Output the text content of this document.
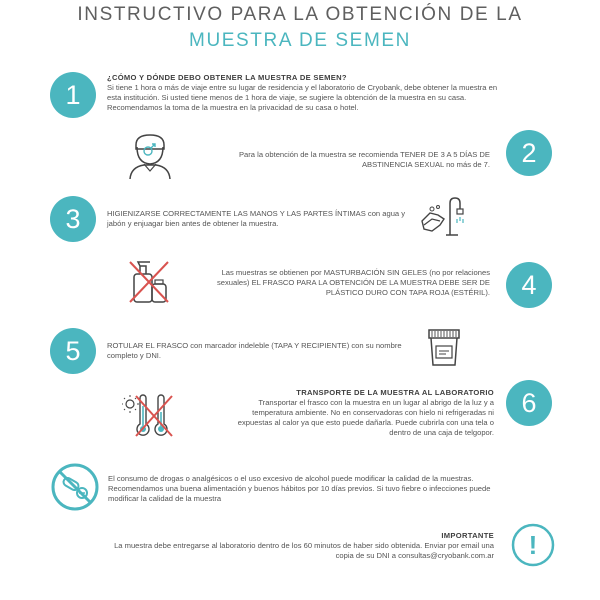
INSTRUCTIVO PARA LA OBTENCIÓN DE LA
MUESTRA DE SEMEN
1
¿CÓMO Y DÓNDE DEBO OBTENER LA MUESTRA DE SEMEN?
Si tiene 1 hora o más de viaje entre su lugar de residencia y el laboratorio de Cryobank, debe obtener la muestra en esta institución. Si usted tiene menos de 1 hora de viaje, se sugiere la obtención de la muestra en su casa. Recomendamos la toma de la muestra en la privacidad de su casa o hotel.
Para la obtención de la muestra se recomienda TENER DE 3 A 5 DÍAS DE ABSTINENCIA SEXUAL no más de 7.	2
3	HIGIENIZARSE CORRECTAMENTE LAS MANOS Y LAS PARTES ÍNTIMAS con agua y jabón y enjuagar bien antes de obtener la muestra.
Las muestras se obtienen por MASTURBACIÓN SIN GELES (no por relaciones sexuales) EL FRASCO PARA LA OBTENCIÓN DE LA MUESTRA DEBE SER DE PLÁSTICO DURO CON TAPA ROJA (ESTÉRIL).	4
5	ROTULAR EL FRASCO con marcador indeleble (TAPA Y RECIPIENTE) con su nombre completo y DNI.
TRANSPORTE DE LA MUESTRA AL LABORATORIO
Transportar el frasco con la muestra en un lugar al abrigo de la luz y a temperatura ambiente. No en conservadoras con hielo ni refrigeradas ni expuestas al calor ya que esto puede dañarla. Puede cubrirla con una tela o dentro de una caja de telgopor.
6
El consumo de drogas o analgésicos o el uso excesivo de alcohol puede modificar la calidad de la muestras. Recomendamos una buena alimentación y buenos hábitos por 10 días previos. Si tuvo fiebre o infecciones puede modificar la calidad de la muestra
IMPORTANTE
La muestra debe entregarse al laboratorio dentro de los 60 minutos de haber sido obtenida. Enviar por email una copia de su DNI a consultas@cryobank.com.ar	!
